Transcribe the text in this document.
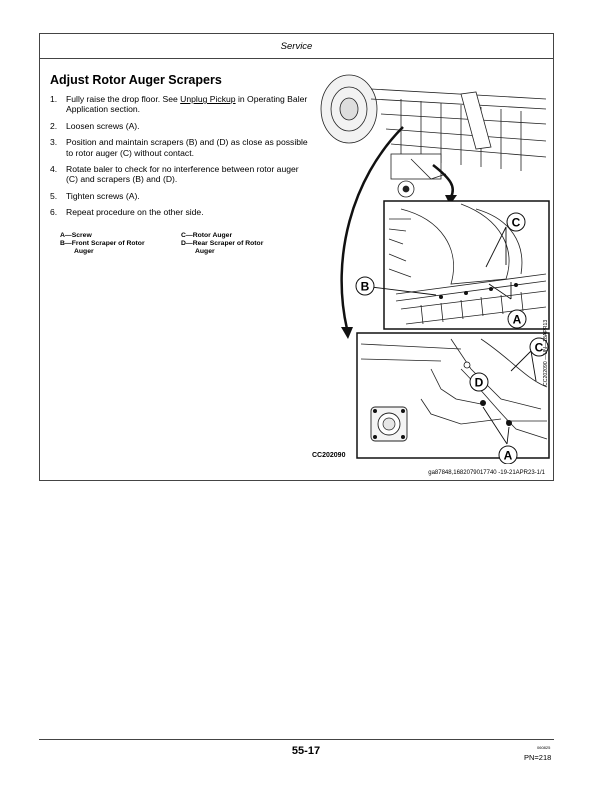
Service
Adjust Rotor Auger Scrapers
1. Fully raise the drop floor. See Unplug Pickup in Operating Baler Application section.
2. Loosen screws (A).
3. Position and maintain scrapers (B) and (D) as close as possible to rotor auger (C) without contact.
4. Rotate baler to check for no interference between rotor auger (C) and scrapers (B) and (D).
5. Tighten screws (A).
6. Repeat procedure on the other side.
A—Screw
B—Front Scraper of Rotor
Auger
C—Rotor Auger
D—Rear Scraper of Rotor
Auger
C
B
A
C
D
A
CC202090
CC202090 —UN—18APR13
ga87848,1682079017740 -19-21APR23-1/1
55-17	060825
PN=218
